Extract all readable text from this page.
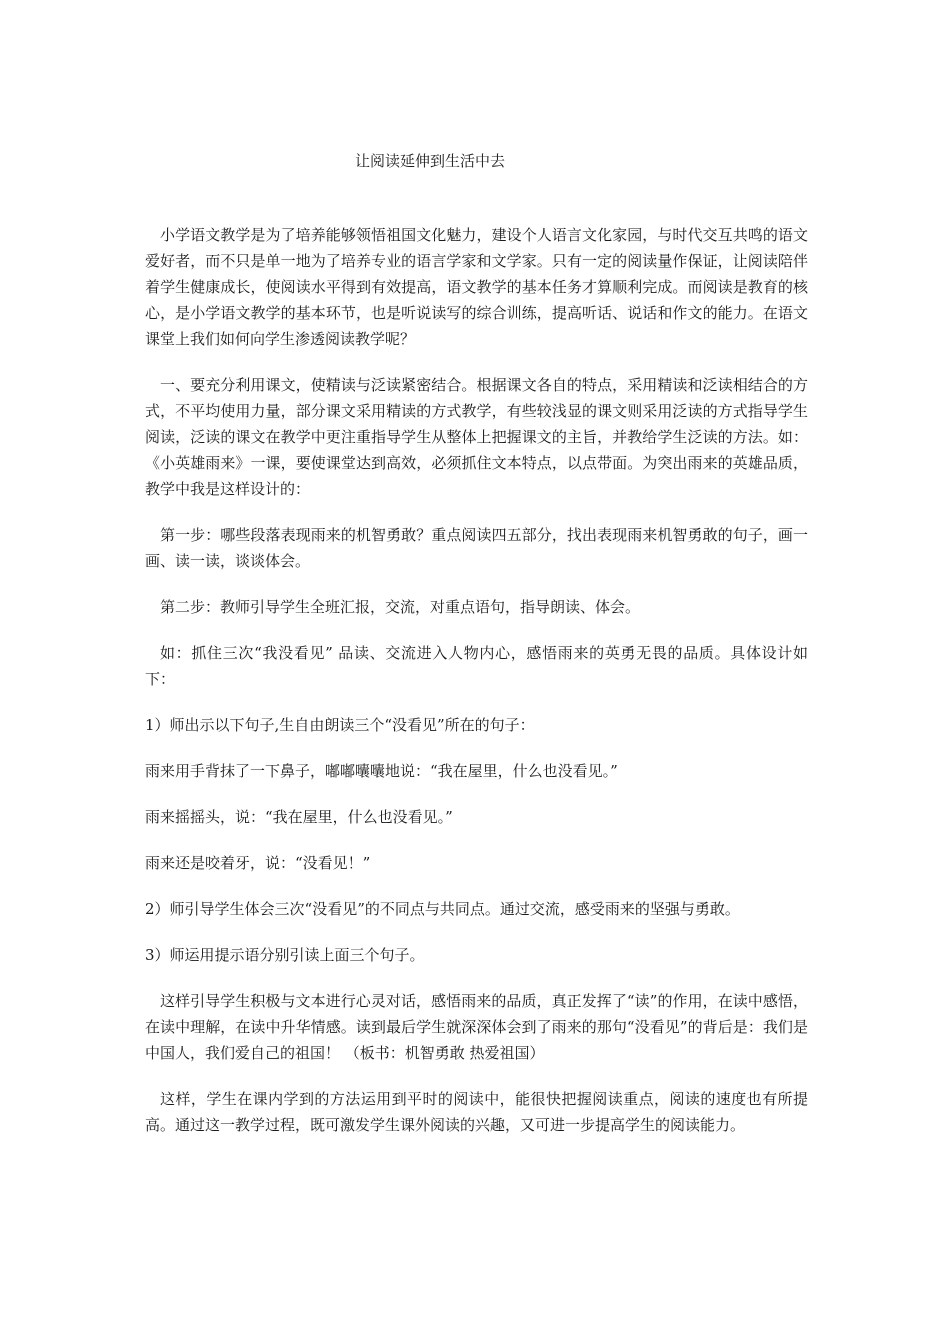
让阅读延伸到生活中去

小学语文教学是为了培养能够领悟祖国文化魅力，建设个人语言文化家园，与时代交互共鸣的语文爱好者，而不只是单一地为了培养专业的语言学家和文学家。只有一定的阅读量作保证，让阅读陪伴着学生健康成长，使阅读水平得到有效提高，语文教学的基本任务才算顺利完成。而阅读是教育的核心，是小学语文教学的基本环节，也是听说读写的综合训练，提高听话、说话和作文的能力。在语文课堂上我们如何向学生渗透阅读教学呢？

一、要充分利用课文，使精读与泛读紧密结合。根据课文各自的特点，采用精读和泛读相结合的方式，不平均使用力量，部分课文采用精读的方式教学，有些较浅显的课文则采用泛读的方式指导学生阅读，泛读的课文在教学中更注重指导学生从整体上把握课文的主旨，并教给学生泛读的方法。如：《小英雄雨来》一课，要使课堂达到高效，必须抓住文本特点，以点带面。为突出雨来的英雄品质，教学中我是这样设计的：

第一步：哪些段落表现雨来的机智勇敢？重点阅读四五部分，找出表现雨来机智勇敢的句子，画一画、读一读，谈谈体会。

第二步：教师引导学生全班汇报，交流，对重点语句，指导朗读、体会。

如：抓住三次“我没看见” 品读、交流进入人物内心，感悟雨来的英勇无畏的品质。具体设计如下：

1）师出示以下句子,生自由朗读三个“没看见”所在的句子：

雨来用手背抹了一下鼻子，嘟嘟囔囔地说：“我在屋里，什么也没看见。”

雨来摇摇头，说：“我在屋里，什么也没看见。”

雨来还是咬着牙，说：“没看见！”

2）师引导学生体会三次“没看见”的不同点与共同点。通过交流，感受雨来的坚强与勇敢。

3）师运用提示语分别引读上面三个句子。

这样引导学生积极与文本进行心灵对话，感悟雨来的品质，真正发挥了“读”的作用，在读中感悟，在读中理解，在读中升华情感。读到最后学生就深深体会到了雨来的那句“没看见”的背后是：我们是中国人，我们爱自己的祖国！ （板书：机智勇敢 热爱祖国）

这样，学生在课内学到的方法运用到平时的阅读中，能很快把握阅读重点，阅读的速度也有所提高。通过这一教学过程，既可激发学生课外阅读的兴趣，又可进一步提高学生的阅读能力。
